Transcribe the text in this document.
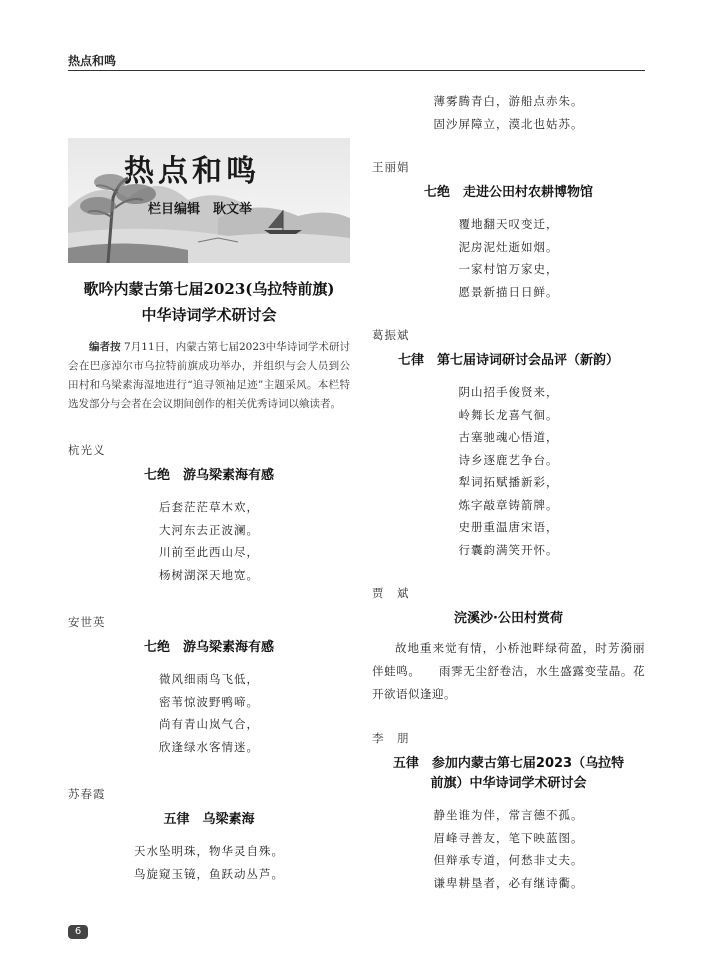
热点和鸣
热点和鸣
栏目编辑　耿文举
歌吟内蒙古第七届2023(乌拉特前旗)
中华诗词学术研讨会
编者按 7月11日，内蒙古第七届2023中华诗词学术研讨会在巴彦淖尔市乌拉特前旗成功举办，并组织与会人员到公田村和乌梁素海湿地进行“追寻领袖足迹”主题采风。本栏特选发部分与会者在会议期间创作的相关优秀诗词以飨读者。
杭光义
七绝　游乌梁素海有感
后套茫茫草木欢，
大河东去正波澜。
川前至此西山尽，
杨树湖深天地宽。
安世英
七绝　游乌梁素海有感
微风细雨鸟飞低，
密苇惊波野鸭啼。
尚有青山岚气合，
欣逢绿水客情迷。
苏春霞
五律　乌梁素海
天水坠明珠，物华灵自殊。
鸟旋窥玉镜，鱼跃动丛芦。
薄雾腾青白，游船点赤朱。
固沙屏障立，漠北也姑苏。
王丽娟
七绝　走进公田村农耕博物馆
覆地翻天叹变迁，
泥房泥灶逝如烟。
一家村馆万家史，
愿景新描日日鲜。
葛振斌
七律　第七届诗词研讨会品评（新韵）
阴山招手俊贤来，
岭舞长龙喜气徊。
古塞驰魂心悟道，
诗乡逐鹿艺争台。
犁词拓赋播新彩，
炼字敲章铸箭牌。
史册重温唐宋语，
行囊韵满笑开怀。
贾　斌
浣溪沙·公田村赏荷
故地重来觉有情，小桥池畔绿荷盈，时芳漪丽伴蛙鸣。　　雨霁无尘舒卷洁，水生盛露变莹晶。花开欲语似逢迎。
李　朋
五律　参加内蒙古第七届2023（乌拉特
前旗）中华诗词学术研讨会
静坐谁为伴，常言德不孤。
眉峰寻善友，笔下映蓝图。
但辩承专道，何愁非丈夫。
谦卑耕垦者，必有继诗衢。
6
